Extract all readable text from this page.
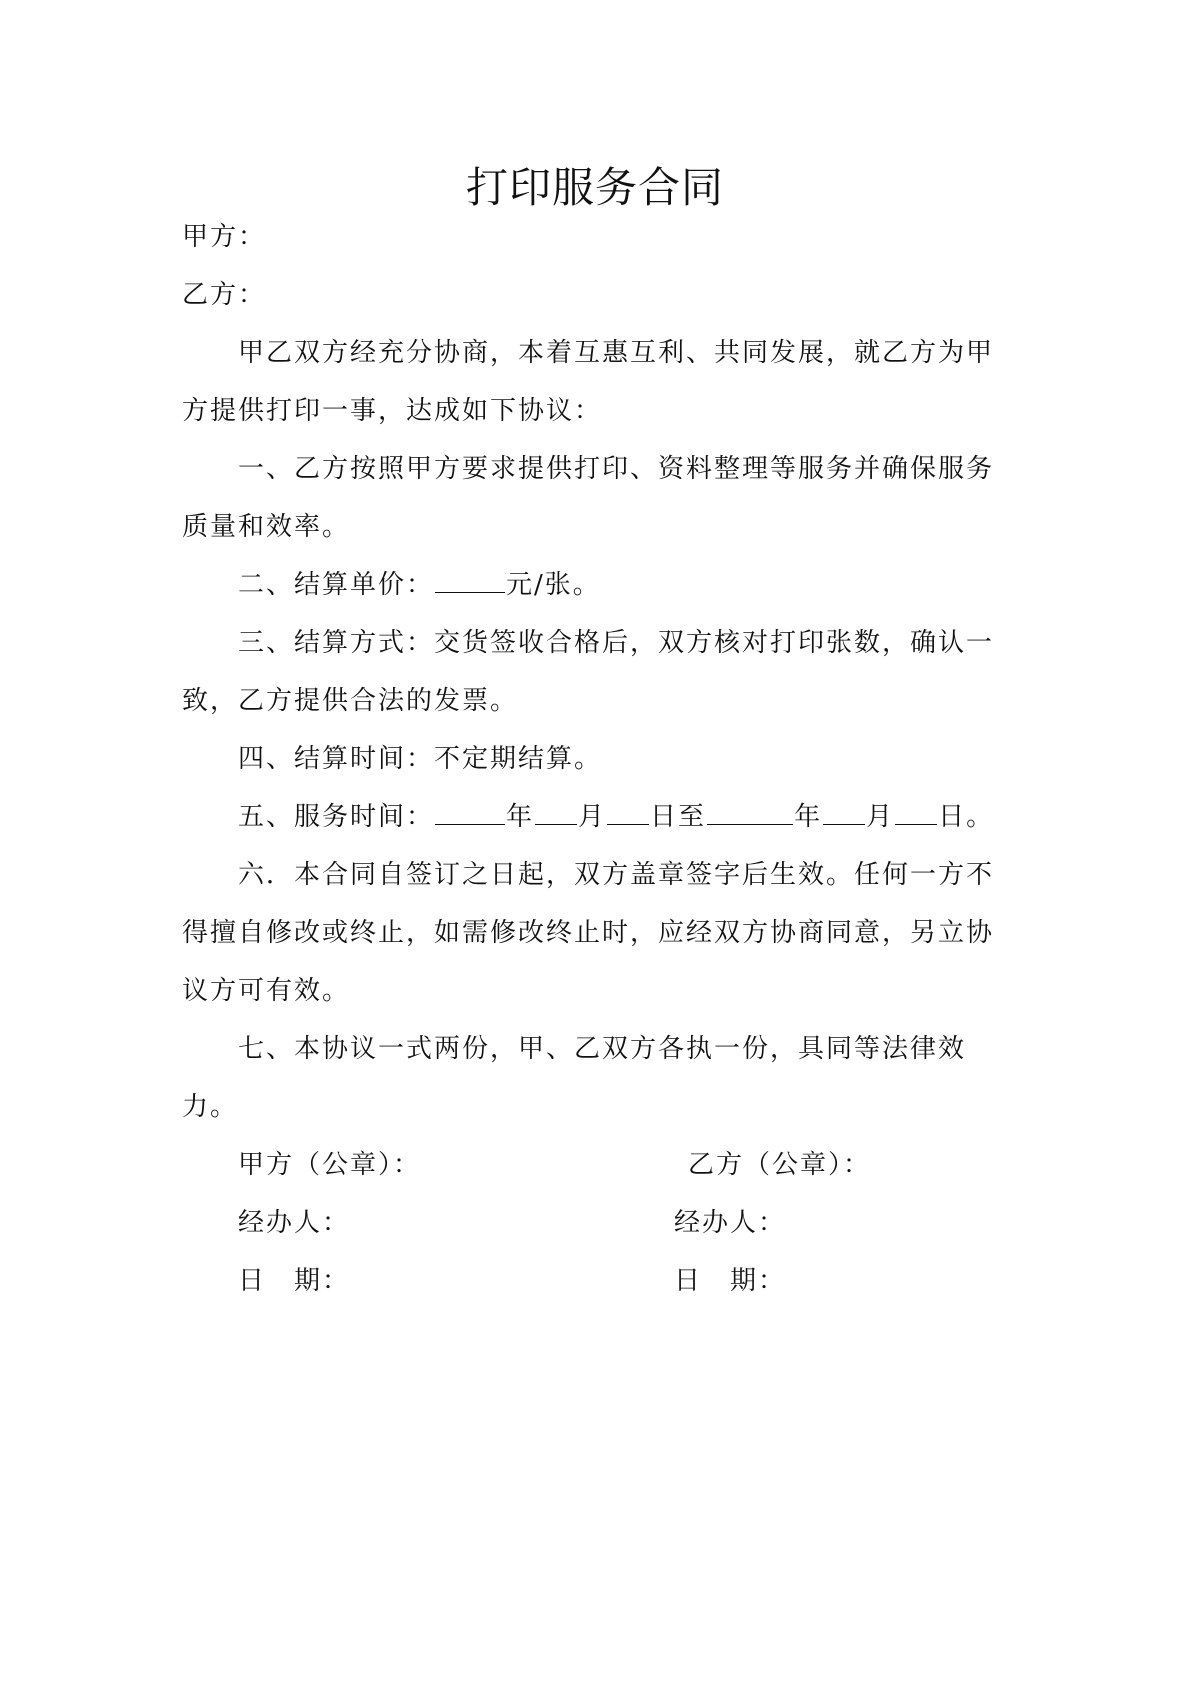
打印服务合同
甲方：
乙方：
甲乙双方经充分协商，本着互惠互利、共同发展，就乙方为甲
方提供打印一事，达成如下协议：
一、乙方按照甲方要求提供打印、资料整理等服务并确保服务
质量和效率。
二、结算单价：	元/张。
三、结算方式：交货签收合格后，双方核对打印张数，确认一
致，乙方提供合法的发票。
四、结算时间：不定期结算。
五、服务时间：	年 月 日至	年 月 日。
六．本合同自签订之日起，双方盖章签字后生效。任何一方不
得擅自修改或终止，如需修改终止时，应经双方协商同意，另立协
议方可有效。
七、本协议一式两份，甲、乙双方各执一份，具同等法律效
力。
甲方（公章）：	乙方（公章）：
经办人：	经办人：
日　期：	日　期：
